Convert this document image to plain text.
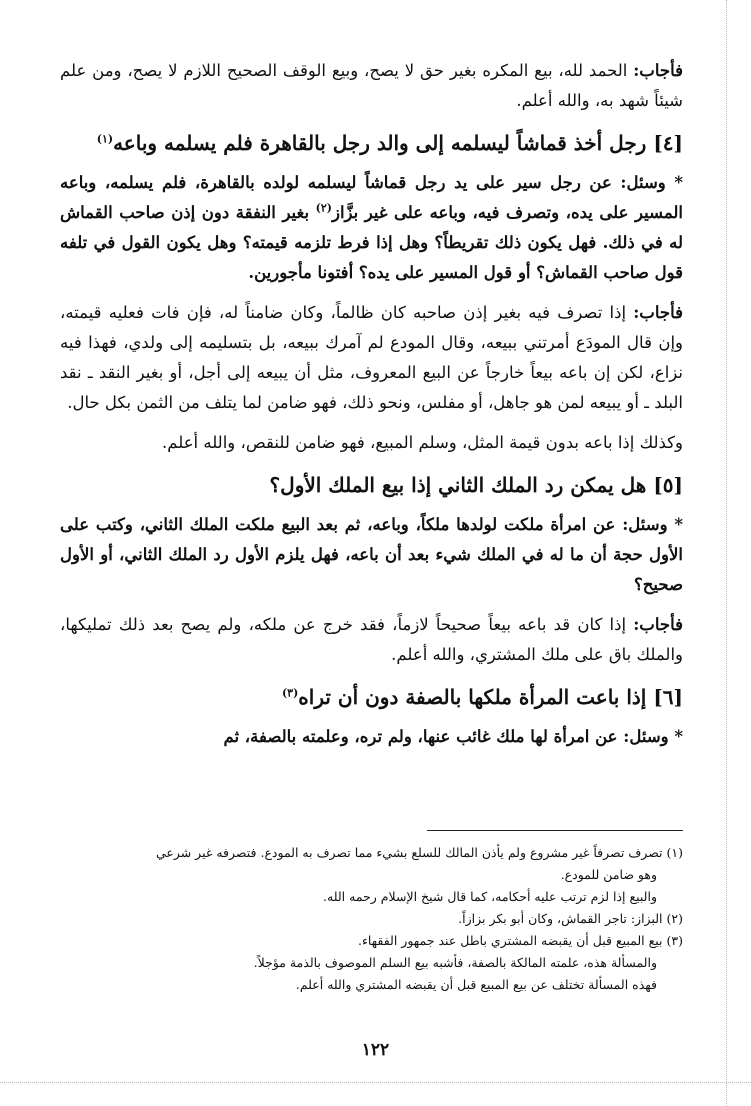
فأجاب: الحمد لله، بيع المكره بغير حق لا يصح، وبيع الوقف الصحيح اللازم لا يصح، ومن علم شيئاً شهد به، والله أعلم.

[٤] رجل أخذ قماشاً ليسلمه إلى والد رجل بالقاهرة فلم يسلمه وباعه$^{(١)}$

* وسئل: عن رجل سير على يد رجل قماشاً ليسلمه لولده بالقاهرة، فلم يسلمه، وباعه المسير على يده، وتصرف فيه، وباعه على غير بزَّاز$^{(٢)}$ بغير النفقة دون إذن صاحب القماش له في ذلك. فهل يكون ذلك تقريطاً؟ وهل إذا فرط تلزمه قيمته؟ وهل يكون القول في تلفه قول صاحب القماش؟ أو قول المسير على يده؟ أفتونا مأجورين.

فأجاب: إذا تصرف فيه بغير إذن صاحبه كان ظالماً، وكان ضامناً له، فإن فات فعليه قيمته، وإن قال المودَع أمرتني ببيعه، وقال المودع لم آمرك ببيعه، بل بتسليمه إلى ولدي، فهذا فيه نزاع، لكن إن باعه بيعاً خارجاً عن البيع المعروف، مثل أن يبيعه إلى أجل، أو بغير النقد ـ نقد البلد ـ أو يبيعه لمن هو جاهل، أو مفلس، ونحو ذلك، فهو ضامن لما يتلف من الثمن بكل حال.

وكذلك إذا باعه بدون قيمة المثل، وسلم المبيع، فهو ضامن للنقص، والله أعلم.

[٥] هل يمكن رد الملك الثاني إذا بيع الملك الأول؟

* وسئل: عن امرأة ملكت لولدها ملكاً، وباعه، ثم بعد البيع ملكت الملك الثاني، وكتب على الأول حجة أن ما له في الملك شيء بعد أن باعه، فهل يلزم الأول رد الملك الثاني، أو الأول صحيح؟

فأجاب: إذا كان قد باعه بيعاً صحيحاً لازماً، فقد خرج عن ملكه، ولم يصح بعد ذلك تمليكها، والملك باق على ملك المشتري، والله أعلم.

[٦] إذا باعت المرأة ملكها بالصفة دون أن تراه$^{(٣)}$

* وسئل: عن امرأة لها ملك غائب عنها، ولم تره، وعلمته بالصفة، ثم

(١) تصرف تصرفاً غير مشروع ولم يأذن المالك للسلع بشيء مما تصرف به المودع. فتصرفه غير شرعي

وهو ضامن للمودع.

والبيع إذا لزم ترتب عليه أحكامه، كما قال شيخ الإسلام رحمه الله.

(٢) البزاز: تاجر القماش، وكان أبو بكر بزازاً.

(٣) بيع المبيع قبل أن يقبضه المشتري باطل عند جمهور الفقهاء.

والمسألة هذه، علمته المالكة بالصفة، فأشبه بيع السلم الموصوف بالذمة مؤجلاً.

فهذه المسألة تختلف عن بيع المبيع قبل أن يقبضه المشتري والله أعلم.

١٢٢
